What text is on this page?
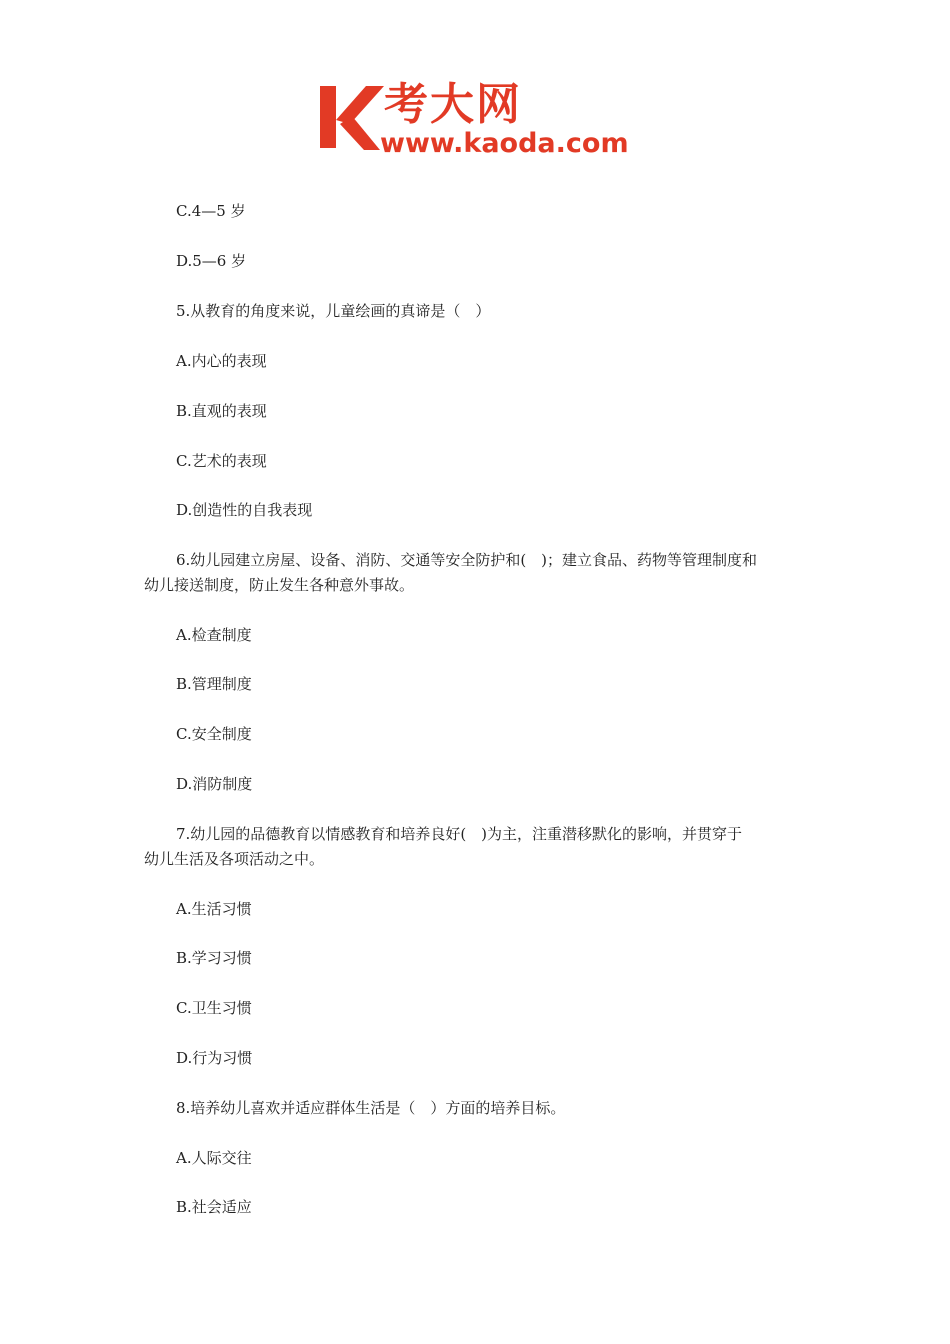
考大网
www.kaoda.com

C.4—5 岁

D.5—6 岁

5.从教育的角度来说，儿童绘画的真谛是（　）

A.内心的表现

B.直观的表现

C.艺术的表现

D.创造性的自我表现

6.幼儿园建立房屋、设备、消防、交通等安全防护和(　)；建立食品、药物等管理制度和

幼儿接送制度，防止发生各种意外事故。

A.检查制度

B.管理制度

C.安全制度

D.消防制度

7.幼儿园的品德教育以情感教育和培养良好(　)为主，注重潜移默化的影响，并贯穿于

幼儿生活及各项活动之中。

A.生活习惯

B.学习习惯

C.卫生习惯

D.行为习惯

8.培养幼儿喜欢并适应群体生活是（　）方面的培养目标。

A.人际交往

B.社会适应
